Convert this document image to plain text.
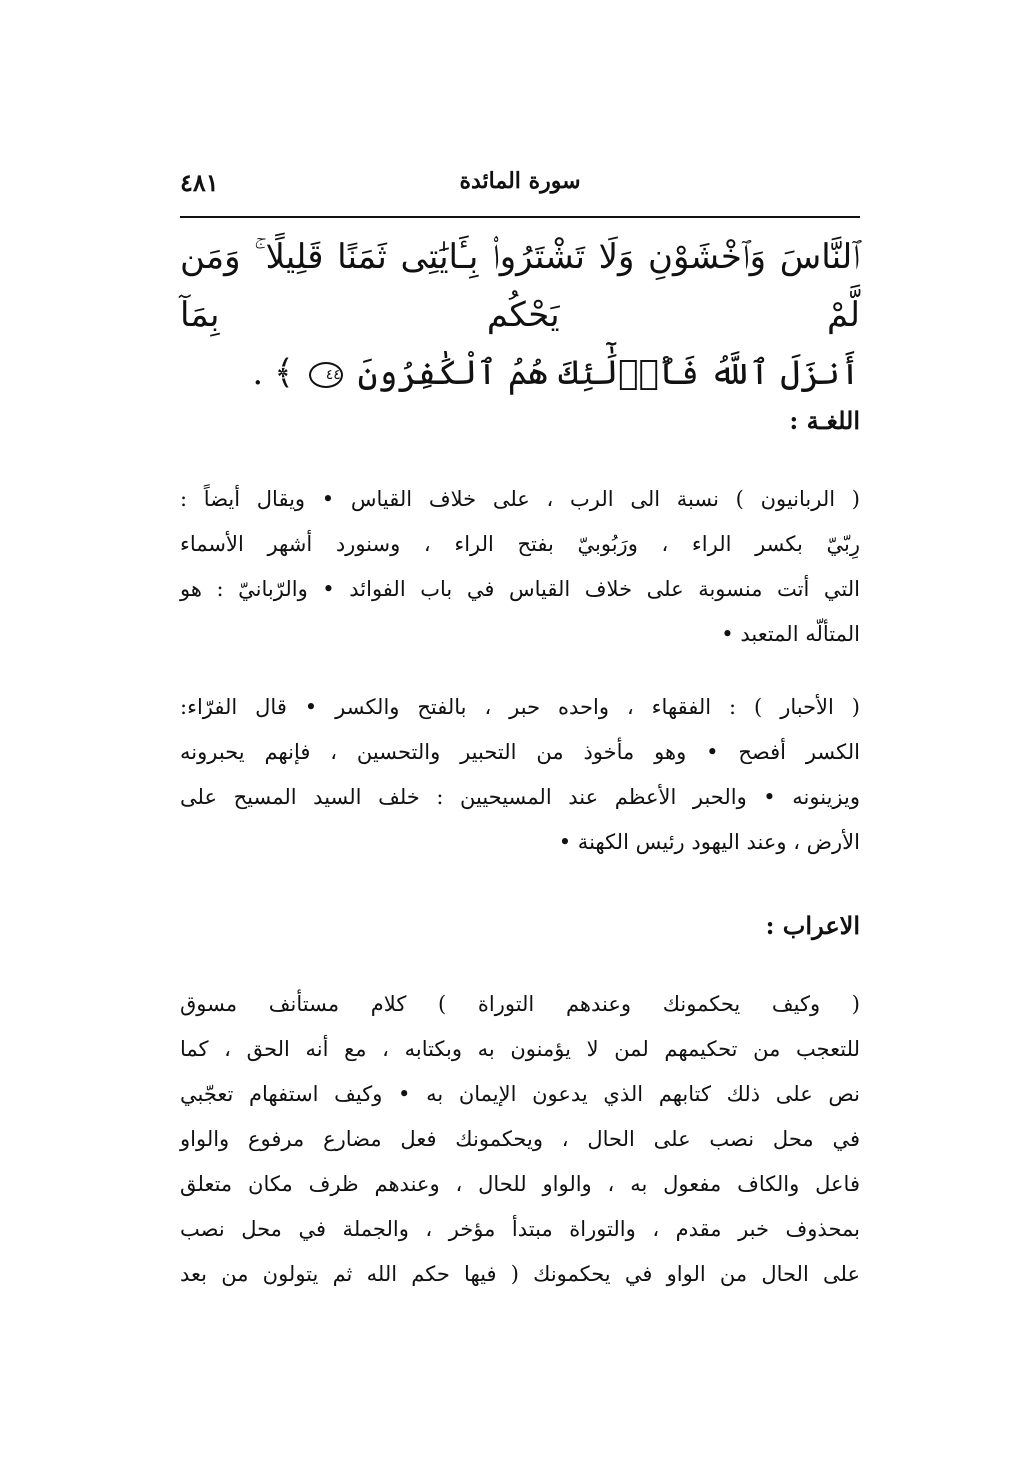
٤٨١	سورة المائدة
ٱلنَّاسَ وَٱخْشَوْنِ وَلَا تَشْتَرُوا۟ بِـَٔايَٰتِى ثَمَنًا قَلِيلًا ۚ وَمَن لَّمْ يَحْكُم بِمَآ
أَنزَلَ ٱللَّهُ فَأُو۟لَٰٓئِكَ هُمُ ٱلْكَٰفِرُونَ ٤٤ ﴾ .
اللغـة :

( الربانيون ) نسبة الى الرب ، على خلاف القياس • ويقال أيضاً :
رِبّيّ بكسر الراء ، ورَبُوبيّ بفتح الراء ، وسنورد أشهر الأسماء
التي أتت منسوبة على خلاف القياس في باب الفوائد • والرّبانيّ : هو
المتألّه المتعبد •

( الأحبار ) : الفقهاء ، واحده حبر ، بالفتح والكسر • قال الفرّاء:
الكسر أفصح • وهو مأخوذ من التحبير والتحسين ، فإنهم يحبرونه
ويزينونه • والحبر الأعظم عند المسيحيين : خلف السيد المسيح على
الأرض ، وعند اليهود رئيس الكهنة •

الاعراب :

( وكيف يحكمونك وعندهم التوراة ) كلام مستأنف مسوق
للتعجب من تحكيمهم لمن لا يؤمنون به وبكتابه ، مع أنه الحق ، كما
نص على ذلك كتابهم الذي يدعون الإيمان به • وكيف استفهام تعجّبي
في محل نصب على الحال ، ويحكمونك فعل مضارع مرفوع والواو
فاعل والكاف مفعول به ، والواو للحال ، وعندهم ظرف مكان متعلق
بمحذوف خبر مقدم ، والتوراة مبتدأ مؤخر ، والجملة في محل نصب
على الحال من الواو في يحكمونك ( فيها حكم الله ثم يتولون من بعد
